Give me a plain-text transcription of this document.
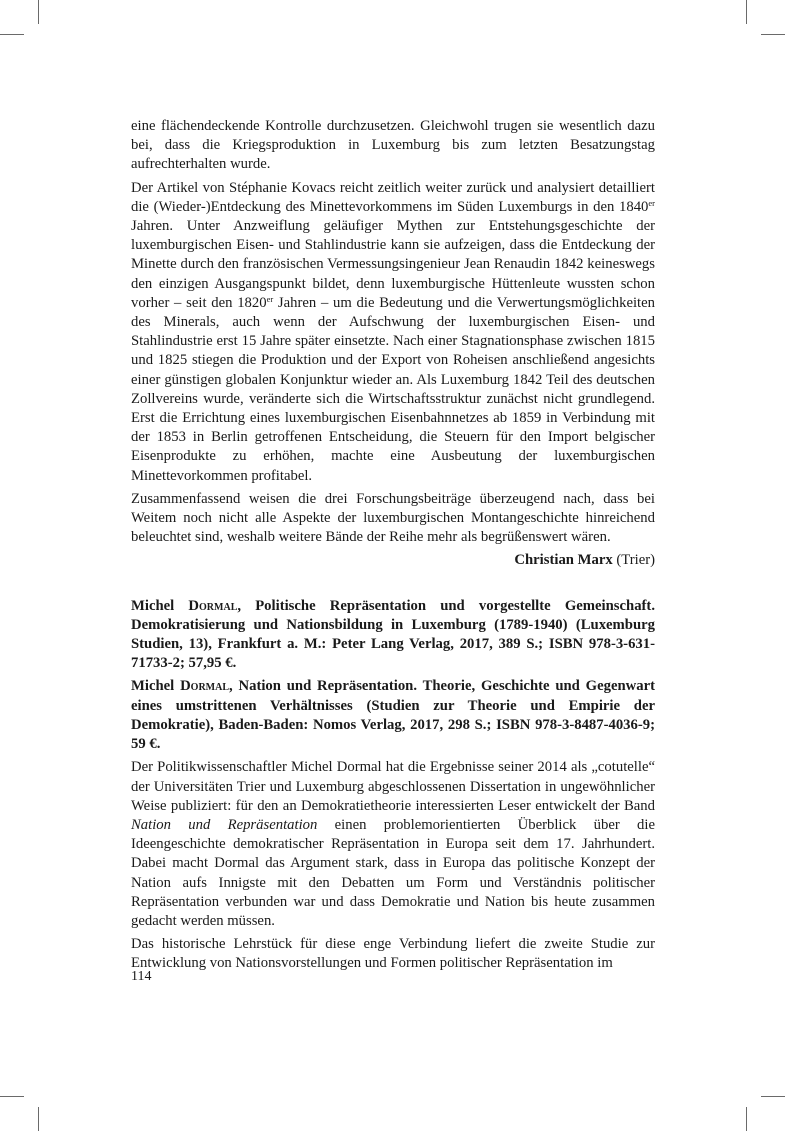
eine flächendeckende Kontrolle durchzusetzen. Gleichwohl trugen sie wesentlich dazu bei, dass die Kriegsproduktion in Luxemburg bis zum letzten Besatzungstag aufrechterhalten wurde.

Der Artikel von Stéphanie Kovacs reicht zeitlich weiter zurück und analysiert detailliert die (Wieder-)Entdeckung des Minettevorkommens im Süden Luxemburgs in den 1840er Jahren. Unter Anzweiflung geläufiger Mythen zur Entstehungsgeschichte der luxemburgischen Eisen- und Stahlindustrie kann sie aufzeigen, dass die Entdeckung der Minette durch den französischen Vermessungsingenieur Jean Renaudin 1842 keineswegs den einzigen Ausgangspunkt bildet, denn luxemburgische Hüttenleute wussten schon vorher – seit den 1820er Jahren – um die Bedeutung und die Verwertungsmöglichkeiten des Minerals, auch wenn der Aufschwung der luxemburgischen Eisen- und Stahlindustrie erst 15 Jahre später einsetzte. Nach einer Stagnationsphase zwischen 1815 und 1825 stiegen die Produktion und der Export von Roheisen anschließend angesichts einer günstigen globalen Konjunktur wieder an. Als Luxemburg 1842 Teil des deutschen Zollvereins wurde, veränderte sich die Wirtschaftsstruktur zunächst nicht grundlegend. Erst die Errichtung eines luxemburgischen Eisenbahnnetzes ab 1859 in Verbindung mit der 1853 in Berlin getroffenen Entscheidung, die Steuern für den Import belgischer Eisenprodukte zu erhöhen, machte eine Ausbeutung der luxemburgischen Minettevorkommen profitabel.

Zusammenfassend weisen die drei Forschungsbeiträge überzeugend nach, dass bei Weitem noch nicht alle Aspekte der luxemburgischen Montangeschichte hinreichend beleuchtet sind, weshalb weitere Bände der Reihe mehr als begrüßenswert wären.

Christian Marx (Trier)

Michel Dormal, Politische Repräsentation und vorgestellte Gemeinschaft. Demokratisierung und Nationsbildung in Luxemburg (1789-1940) (Luxemburg Studien, 13), Frankfurt a. M.: Peter Lang Verlag, 2017, 389 S.; ISBN 978-3-631-71733-2; 57,95 €.

Michel Dormal, Nation und Repräsentation. Theorie, Geschichte und Gegenwart eines umstrittenen Verhältnisses (Studien zur Theorie und Empirie der Demokratie), Baden-Baden: Nomos Verlag, 2017, 298 S.; ISBN 978-3-8487-4036-9; 59 €.

Der Politikwissenschaftler Michel Dormal hat die Ergebnisse seiner 2014 als „cotutelle“ der Universitäten Trier und Luxemburg abgeschlossenen Dissertation in ungewöhnlicher Weise publiziert: für den an Demokratietheorie interessierten Leser entwickelt der Band Nation und Repräsentation einen problemorientierten Überblick über die Ideengeschichte demokratischer Repräsentation in Europa seit dem 17. Jahrhundert. Dabei macht Dormal das Argument stark, dass in Europa das politische Konzept der Nation aufs Innigste mit den Debatten um Form und Verständnis politischer Repräsentation verbunden war und dass Demokratie und Nation bis heute zusammen gedacht werden müssen.

Das historische Lehrstück für diese enge Verbindung liefert die zweite Studie zur Entwicklung von Nationsvorstellungen und Formen politischer Repräsentation im

114
